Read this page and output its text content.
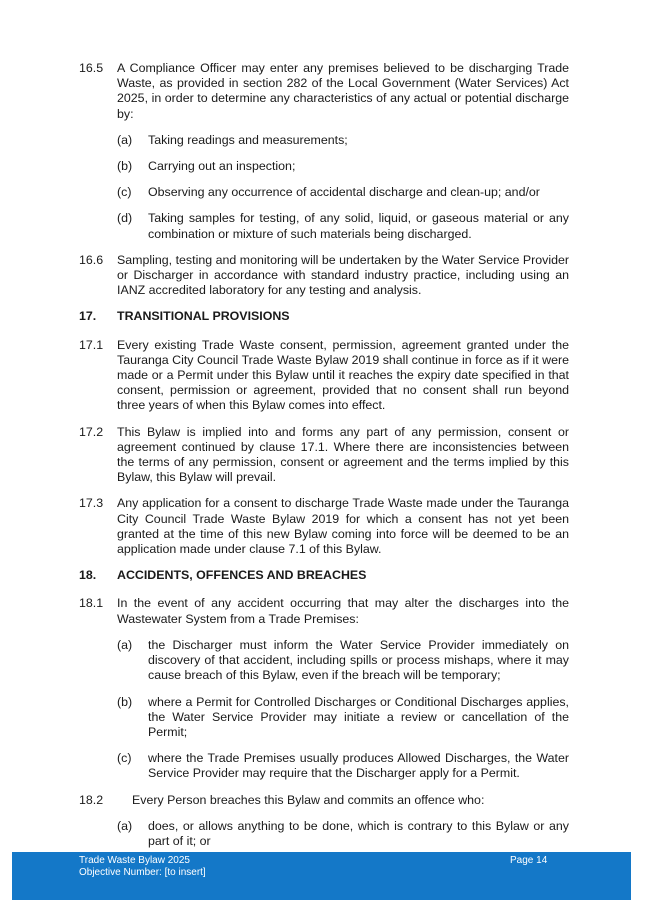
16.5	A Compliance Officer may enter any premises believed to be discharging Trade Waste, as provided in section 282 of the Local Government (Water Services) Act 2025, in order to determine any characteristics of any actual or potential discharge by:
(a)	Taking readings and measurements;
(b)	Carrying out an inspection;
(c)	Observing any occurrence of accidental discharge and clean-up; and/or
(d)	Taking samples for testing, of any solid, liquid, or gaseous material or any combination or mixture of such materials being discharged.
16.6	Sampling, testing and monitoring will be undertaken by the Water Service Provider or Discharger in accordance with standard industry practice, including using an IANZ accredited laboratory for any testing and analysis.
17.	TRANSITIONAL PROVISIONS
17.1	Every existing Trade Waste consent, permission, agreement granted under the Tauranga City Council Trade Waste Bylaw 2019 shall continue in force as if it were made or a Permit under this Bylaw until it reaches the expiry date specified in that consent, permission or agreement, provided that no consent shall run beyond three years of when this Bylaw comes into effect.
17.2	This Bylaw is implied into and forms any part of any permission, consent or agreement continued by clause 17.1. Where there are inconsistencies between the terms of any permission, consent or agreement and the terms implied by this Bylaw, this Bylaw will prevail.
17.3	Any application for a consent to discharge Trade Waste made under the Tauranga City Council Trade Waste Bylaw 2019 for which a consent has not yet been granted at the time of this new Bylaw coming into force will be deemed to be an application made under clause 7.1 of this Bylaw.
18.	ACCIDENTS, OFFENCES AND BREACHES
18.1	In the event of any accident occurring that may alter the discharges into the Wastewater System from a Trade Premises:
(a)	the Discharger must inform the Water Service Provider immediately on discovery of that accident, including spills or process mishaps, where it may cause breach of this Bylaw, even if the breach will be temporary;
(b)	where a Permit for Controlled Discharges or Conditional Discharges applies, the Water Service Provider may initiate a review or cancellation of the Permit;
(c)	where the Trade Premises usually produces Allowed Discharges, the Water Service Provider may require that the Discharger apply for a Permit.
18.2	Every Person breaches this Bylaw and commits an offence who:
(a)	does, or allows anything to be done, which is contrary to this Bylaw or any part of it; or
Trade Waste Bylaw 2025
Objective Number: [to insert]
Page 14
